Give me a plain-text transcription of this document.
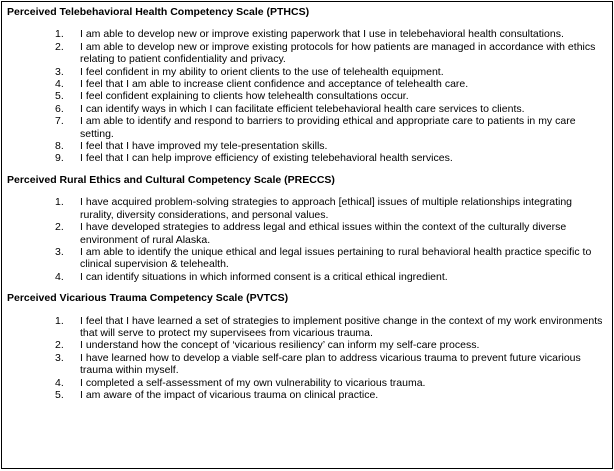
Perceived Telebehavioral Health Competency Scale (PTHCS)
1.	I am able to develop new or improve existing paperwork that I use in telebehavioral health consultations.
2.	I am able to develop new or improve existing protocols for how patients are managed in accordance with ethics relating to patient confidentiality and privacy.
3.	I feel confident in my ability to orient clients to the use of telehealth equipment.
4.	I feel that I am able to increase client confidence and acceptance of telehealth care.
5.	I feel confident explaining to clients how telehealth consultations occur.
6.	I can identify ways in which I can facilitate efficient telebehavioral health care services to clients.
7.	I am able to identify and respond to barriers to providing ethical and appropriate care to patients in my care setting.
8.	I feel that I have improved my tele-presentation skills.
9.	I feel that I can help improve efficiency of existing telebehavioral health services.
Perceived Rural Ethics and Cultural Competency Scale (PRECCS)
1.	I have acquired problem-solving strategies to approach [ethical] issues of multiple relationships integrating rurality, diversity considerations, and personal values.
2.	I have developed strategies to address legal and ethical issues within the context of the culturally diverse environment of rural Alaska.
3.	I am able to identify the unique ethical and legal issues pertaining to rural behavioral health practice specific to clinical supervision & telehealth.
4.	I can identify situations in which informed consent is a critical ethical ingredient.
Perceived Vicarious Trauma Competency Scale (PVTCS)
1.	I feel that I have learned a set of strategies to implement positive change in the context of my work environments that will serve to protect my supervisees from vicarious trauma.
2.	I understand how the concept of ‘vicarious resiliency’ can inform my self-care process.
3.	I have learned how to develop a viable self-care plan to address vicarious trauma to prevent future vicarious trauma within myself.
4.	I completed a self-assessment of my own vulnerability to vicarious trauma.
5.	I am aware of the impact of vicarious trauma on clinical practice.
